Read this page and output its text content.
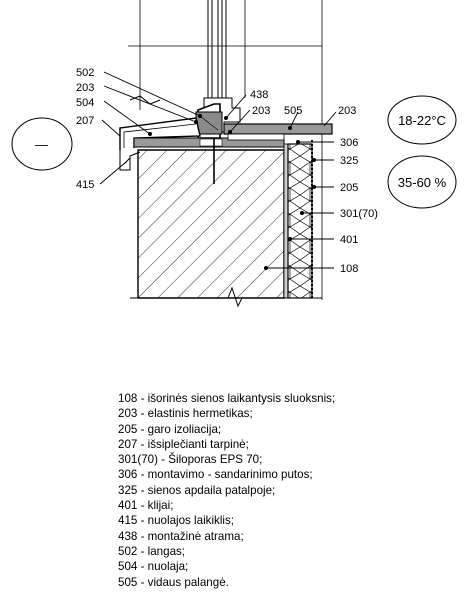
502
203
504
207
415
438
203 505	203
306
325
205
301(70)
401
108
—
18-22°C
35-60 %
108 - išorinės sienos laikantysis sluoksnis;
203 - elastinis hermetikas;
205 - garo izoliacija;
207 - išsiplečianti tarpinė;
301(70) - Šiloporas EPS 70;
306 - montavimo - sandarinimo putos;
325 - sienos apdaila patalpoje;
401 - klijai;
415 - nuolajos laikiklis;
438 - montažinė atrama;
502 - langas;
504 - nuolaja;
505 - vidaus palangė.
